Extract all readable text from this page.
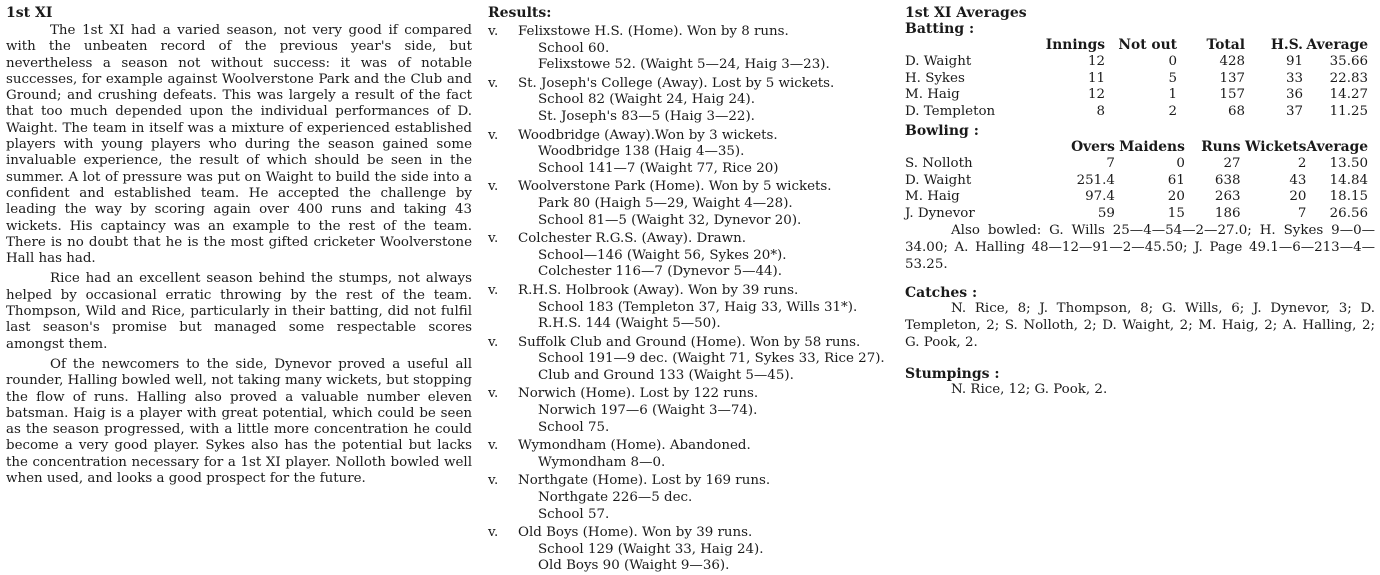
1st XI

The 1st XI had a varied season, not very good if compared with the unbeaten record of the previous year's side, but nevertheless a season not without success: it was of notable successes, for example against Woolverstone Park and the Club and Ground; and crushing defeats. This was largely a result of the fact that too much depended upon the individual performances of D. Waight. The team in itself was a mixture of experienced established players with young players who during the season gained some invaluable experience, the result of which should be seen in the summer. A lot of pressure was put on Waight to build the side into a confident and established team. He accepted the challenge by leading the way by scoring again over 400 runs and taking 43 wickets. His captaincy was an example to the rest of the team. There is no doubt that he is the most gifted cricketer Woolverstone Hall has had.

Rice had an excellent season behind the stumps, not always helped by occasional erratic throwing by the rest of the team. Thompson, Wild and Rice, particularly in their batting, did not fulfil last season's promise but managed some respectable scores amongst them.

Of the newcomers to the side, Dynevor proved a useful all rounder, Halling bowled well, not taking many wickets, but stopping the flow of runs. Halling also proved a valuable number eleven batsman. Haig is a player with great potential, which could be seen as the season progressed, with a little more concentration he could become a very good player. Sykes also has the potential but lacks the concentration necessary for a 1st XI player. Nolloth bowled well when used, and looks a good prospect for the future.

Results:
v. Felixstowe H.S. (Home). Won by 8 runs.
School 60.
Felixstowe 52. (Waight 5—24, Haig 3—23).
v. St. Joseph's College (Away). Lost by 5 wickets.
School 82 (Waight 24, Haig 24).
St. Joseph's 83—5 (Haig 3—22).
v. Woodbridge (Away).Won by 3 wickets.
Woodbridge 138 (Haig 4—35).
School 141—7 (Waight 77, Rice 20)
v. Woolverstone Park (Home). Won by 5 wickets.
Park 80 (Haigh 5—29, Waight 4—28).
School 81—5 (Waight 32, Dynevor 20).
v. Colchester R.G.S. (Away). Drawn.
School—146 (Waight 56, Sykes 20*).
Colchester 116—7 (Dynevor 5—44).
v. R.H.S. Holbrook (Away). Won by 39 runs.
School 183 (Templeton 37, Haig 33, Wills 31*).
R.H.S. 144 (Waight 5—50).
v. Suffolk Club and Ground (Home). Won by 58 runs.
School 191—9 dec. (Waight 71, Sykes 33, Rice 27).
Club and Ground 133 (Waight 5—45).
v. Norwich (Home). Lost by 122 runs.
Norwich 197—6 (Waight 3—74).
School 75.
v. Wymondham (Home). Abandoned.
Wymondham 8—0.
v. Northgate (Home). Lost by 169 runs.
Northgate 226—5 dec.
School 57.
v. Old Boys (Home). Won by 39 runs.
School 129 (Waight 33, Haig 24).
Old Boys 90 (Waight 9—36).
1st XI Averages
Batting :
	Innings	Not out	Total	H.S.	Average
D. Waight	12	0	428	91	35.66
H. Sykes	11	5	137	33	22.83
M. Haig	12	1	157	36	14.27
D. Templeton	8	2	68	37	11.25
Bowling :
	Overs	Maidens	Runs	Wickets	Average
S. Nolloth	7	0	27	2	13.50
D. Waight	251.4	61	638	43	14.84
M. Haig	97.4	20	263	20	18.15
J. Dynevor	59	15	186	7	26.56
Also bowled: G. Wills 25—4—54—2—27.0; H. Sykes 9—0—34.00; A. Halling 48—12—91—2—45.50; J. Page 49.1—6—213—4—53.25.
Catches :
N. Rice, 8; J. Thompson, 8; G. Wills, 6; J. Dynevor, 3; D. Templeton, 2; S. Nolloth, 2; D. Waight, 2; M. Haig, 2; A. Halling, 2; G. Pook, 2.
Stumpings :
N. Rice, 12; G. Pook, 2.
